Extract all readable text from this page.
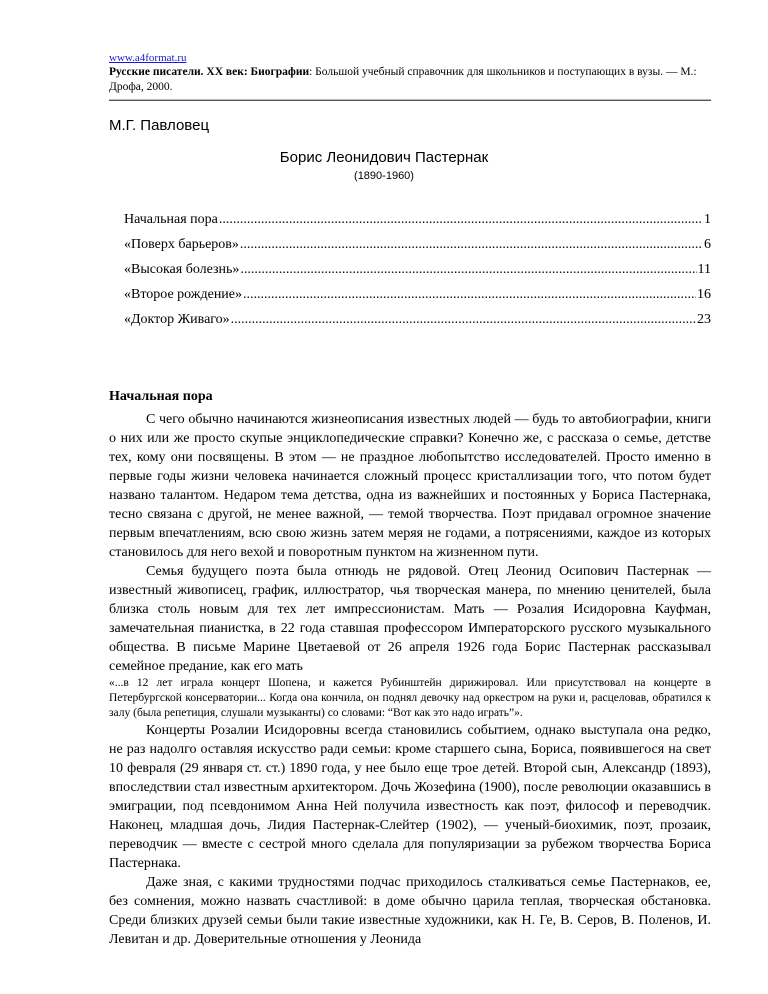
www.a4format.ru
Русские писатели. XX век: Биографии: Большой учебный справочник для школьников и поступающих в вузы. — М.: Дрофа, 2000.
М.Г. Павловец
Борис Леонидович Пастернак
(1890-1960)
Начальная пора .....	1
«Поверх барьеров» .....	6
«Высокая болезнь» .....	11
«Второе рождение» .....	16
«Доктор Живаго» .....	23
Начальная пора

С чего обычно начинаются жизнеописания известных людей — будь то автобиографии, книги о них или же просто скупые энциклопедические справки? Конечно же, с рассказа о семье, детстве тех, кому они посвящены. В этом — не праздное любопытство исследователей. Просто именно в первые годы жизни человека начинается сложный процесс кристаллизации того, что потом будет названо талантом. Недаром тема детства, одна из важнейших и постоянных у Бориса Пастернака, тесно связана с другой, не менее важной, — темой творчества. Поэт придавал огромное значение первым впечатлениям, всю свою жизнь затем меряя не годами, а потрясениями, каждое из которых становилось для него вехой и поворотным пунктом на жизненном пути.

Семья будущего поэта была отнюдь не рядовой. Отец Леонид Осипович Пастернак — известный живописец, график, иллюстратор, чья творческая манера, по мнению ценителей, была близка столь новым для тех лет импрессионистам. Мать — Розалия Исидоровна Кауфман, замечательная пианистка, в 22 года ставшая профессором Императорского русского музыкального общества. В письме Марине Цветаевой от 26 апреля 1926 года Борис Пастернак рассказывал семейное предание, как его мать

«...в 12 лет играла концерт Шопена, и кажется Рубинштейн дирижировал. Или присутствовал на концерте в Петербургской консерватории... Когда она кончила, он поднял девочку над оркестром на руки и, расцеловав, обратился к залу (была репетиция, слушали музыканты) со словами: “Вот как это надо играть”».

Концерты Розалии Исидоровны всегда становились событием, однако выступала она редко, не раз надолго оставляя искусство ради семьи: кроме старшего сына, Бориса, появившегося на свет 10 февраля (29 января ст. ст.) 1890 года, у нее было еще трое детей. Второй сын, Александр (1893), впоследствии стал известным архитектором. Дочь Жозефина (1900), после революции оказавшись в эмиграции, под псевдонимом Анна Ней получила известность как поэт, философ и переводчик. Наконец, младшая дочь, Лидия Пастернак-Слейтер (1902), — ученый-биохимик, поэт, прозаик, переводчик — вместе с сестрой много сделала для популяризации за рубежом творчества Бориса Пастернака.

Даже зная, с какими трудностями подчас приходилось сталкиваться семье Пастернаков, ее, без сомнения, можно назвать счастливой: в доме обычно царила теплая, творческая обстановка. Среди близких друзей семьи были такие известные художники, как Н. Ге, В. Серов, В. Поленов, И. Левитан и др. Доверительные отношения у Леонида
